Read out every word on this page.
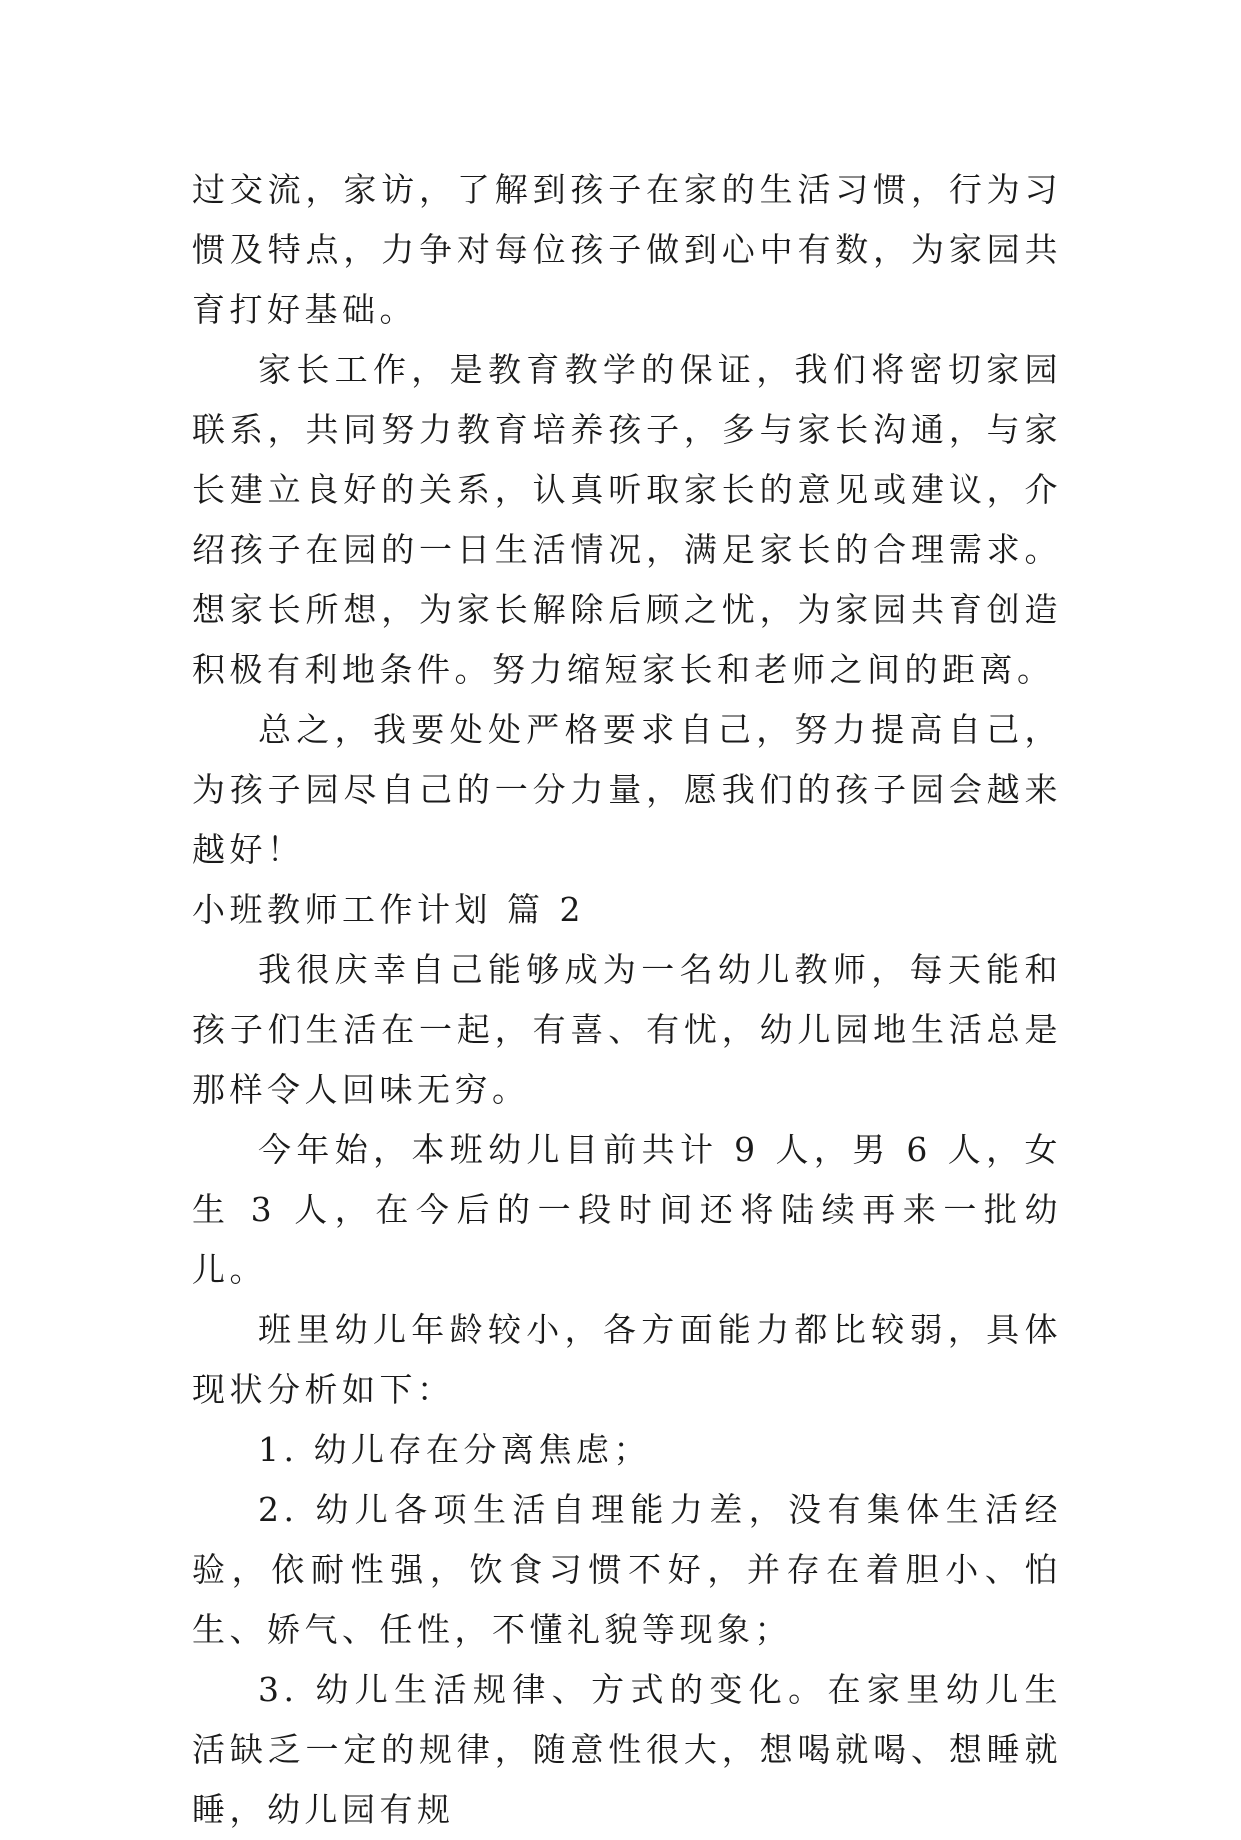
过交流，家访，了解到孩子在家的生活习惯，行为习惯及特点，力争对每位孩子做到心中有数，为家园共育打好基础。

家长工作，是教育教学的保证，我们将密切家园联系，共同努力教育培养孩子，多与家长沟通，与家长建立良好的关系，认真听取家长的意见或建议，介绍孩子在园的一日生活情况，满足家长的合理需求。想家长所想，为家长解除后顾之忧，为家园共育创造积极有利地条件。努力缩短家长和老师之间的距离。

总之，我要处处严格要求自己，努力提高自己，为孩子园尽自己的一分力量，愿我们的孩子园会越来越好！

小班教师工作计划 篇 2

我很庆幸自己能够成为一名幼儿教师，每天能和孩子们生活在一起，有喜、有忧，幼儿园地生活总是那样令人回味无穷。

今年始，本班幼儿目前共计 9 人，男 6 人，女生 3 人，在今后的一段时间还将陆续再来一批幼儿。

班里幼儿年龄较小，各方面能力都比较弱，具体现状分析如下：

1. 幼儿存在分离焦虑；

2. 幼儿各项生活自理能力差，没有集体生活经验，依耐性强，饮食习惯不好，并存在着胆小、怕生、娇气、任性，不懂礼貌等现象；

3. 幼儿生活规律、方式的变化。在家里幼儿生活缺乏一定的规律，随意性很大，想喝就喝、想睡就睡，幼儿园有规
